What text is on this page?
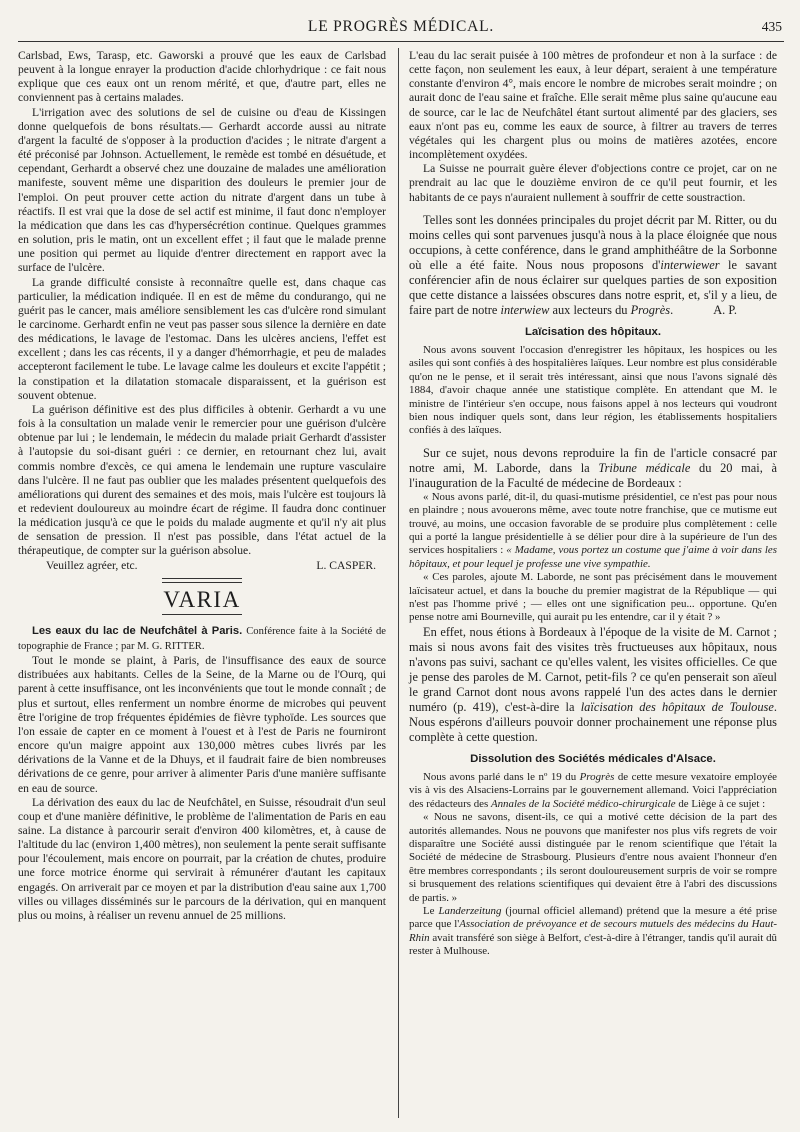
LE PROGRÈS MÉDICAL.	435

Carlsbad, Ews, Tarasp, etc. Gaworski a prouvé que les eaux de Carlsbad peuvent à la longue enrayer la production d'acide chlorhydrique : ce fait nous explique que ces eaux ont un renom mérité, et que, d'autre part, elles ne conviennent pas à certains malades.

L'irrigation avec des solutions de sel de cuisine ou d'eau de Kissingen donne quelquefois de bons résultats.— Gerhardt accorde aussi au nitrate d'argent la faculté de s'opposer à la production d'acides ; le nitrate d'argent a été préconisé par Johnson. Actuellement, le remède est tombé en désuétude, et cependant, Gerhardt a observé chez une douzaine de malades une amélioration manifeste, souvent même une disparition des douleurs le premier jour de l'emploi. On peut prouver cette action du nitrate d'argent dans un tube à réactifs. Il est vrai que la dose de sel actif est minime, il faut donc n'employer la médication que dans les cas d'hypersécrétion continue. Quelques grammes en solution, pris le matin, ont un excellent effet ; il faut que le malade prenne une position qui permet au liquide d'entrer directement en rapport avec la surface de l'ulcère.

La grande difficulté consiste à reconnaître quelle est, dans chaque cas particulier, la médication indiquée. Il en est de même du condurango, qui ne guérit pas le cancer, mais améliore sensiblement les cas d'ulcère rond simulant le carcinome. Gerhardt enfin ne veut pas passer sous silence la dernière en date des médications, le lavage de l'estomac. Dans les ulcères anciens, l'effet est excellent ; dans les cas récents, il y a danger d'hémorrhagie, et peu de malades accepteront facilement le tube. Le lavage calme les douleurs et excite l'appétit ; la constipation et la dilatation stomacale disparaissent, et la guérison est souvent obtenue.

La guérison définitive est des plus difficiles à obtenir. Gerhardt a vu une fois à la consultation un malade venir le remercier pour une guérison d'ulcère obtenue par lui ; le lendemain, le médecin du malade priait Gerhardt d'assister à l'autopsie du soi-disant guéri : ce dernier, en retournant chez lui, avait commis nombre d'excès, ce qui amena le lendemain une rupture vasculaire dans l'ulcère. Il ne faut pas oublier que les malades présentent quelquefois des améliorations qui durent des semaines et des mois, mais l'ulcère est toujours là et redevient douloureux au moindre écart de régime. Il faudra donc continuer la médication jusqu'à ce que le poids du malade augmente et qu'il n'y ait plus de sensation de pression. Il n'est pas possible, dans l'état actuel de la thérapeutique, de compter sur la guérison absolue.

Veuillez agréer, etc.	L. CASPER.

VARIA

Les eaux du lac de Neufchâtel à Paris. Conférence faite à la Société de topographie de France ; par M. G. RITTER.

Tout le monde se plaint, à Paris, de l'insuffisance des eaux de source distribuées aux habitants. Celles de la Seine, de la Marne ou de l'Ourq, qui parent à cette insuffisance, ont les inconvénients que tout le monde connaît ; de plus et surtout, elles renferment un nombre énorme de microbes qui peuvent être l'origine de trop fréquentes épidémies de fièvre typhoïde. Les sources que l'on essaie de capter en ce moment à l'ouest et à l'est de Paris ne fourniront encore qu'un maigre appoint aux 130,000 mètres cubes livrés par les dérivations de la Vanne et de la Dhuys, et il faudrait faire de bien nombreuses dérivations de ce genre, pour arriver à alimenter Paris d'une manière suffisante en eau de source.

La dérivation des eaux du lac de Neufchâtel, en Suisse, résoudrait d'un seul coup et d'une manière définitive, le problème de l'alimentation de Paris en eau saine. La distance à parcourir serait d'environ 400 kilomètres, et, à cause de l'altitude du lac (environ 1,400 mètres), non seulement la pente serait suffisante pour l'écoulement, mais encore on pourrait, par la création de chutes, produire une force motrice énorme qui servirait à rémunérer d'autant les capitaux engagés. On arriverait par ce moyen et par la distribution d'eau saine aux 1,700 villes ou villages disséminés sur le parcours de la dérivation, qui en manquent plus ou moins, à réaliser un revenu annuel de 25 millions.

L'eau du lac serait puisée à 100 mètres de profondeur et non à la surface : de cette façon, non seulement les eaux, à leur départ, seraient à une température constante d'environ 4°, mais encore le nombre de microbes serait moindre ; on aurait donc de l'eau saine et fraîche. Elle serait même plus saine qu'aucune eau de source, car le lac de Neufchâtel étant surtout alimenté par des glaciers, ses eaux n'ont pas eu, comme les eaux de source, à filtrer au travers de terres végétales qui les chargent plus ou moins de matières azotées, encore incomplètement oxydées.

La Suisse ne pourrait guère élever d'objections contre ce projet, car on ne prendrait au lac que le douzième environ de ce qu'il peut fournir, et les habitants de ce pays n'auraient nullement à souffrir de cette soustraction.

Telles sont les données principales du projet décrit par M. Ritter, ou du moins celles qui sont parvenues jusqu'à nous à la place éloignée que nous occupions, à cette conférence, dans le grand amphithéâtre de la Sorbonne où elle a été faite. Nous nous proposons d'interwiewer le savant conférencier afin de nous éclairer sur quelques parties de son exposition que cette distance a laissées obscures dans notre esprit, et, s'il y a lieu, de faire part de notre interwiew aux lecteurs du Progrès.	A. P.

Laïcisation des hôpitaux.

Nous avons souvent l'occasion d'enregistrer les hôpitaux, les hospices ou les asiles qui sont confiés à des hospitalières laïques. Leur nombre est plus considérable qu'on ne le pense, et il serait très intéressant, ainsi que nous l'avons signalé dès 1884, d'avoir chaque année une statistique complète. En attendant que M. le ministre de l'intérieur s'en occupe, nous faisons appel à nos lecteurs qui voudront bien nous indiquer quels sont, dans leur région, les établissements hospitaliers confiés à des laïques.

Sur ce sujet, nous devons reproduire la fin de l'article consacré par notre ami, M. Laborde, dans la Tribune médicale du 20 mai, à l'inauguration de la Faculté de médecine de Bordeaux :

« Nous avons parlé, dit-il, du quasi-mutisme présidentiel, ce n'est pas pour nous en plaindre ; nous avouerons même, avec toute notre franchise, que ce mutisme eut trouvé, au moins, une occasion favorable de se produire plus complètement : celle qui a porté la langue présidentielle à se délier pour dire à la supérieure de l'un des services hospitaliers : « Madame, vous portez un costume que j'aime à voir dans les hôpitaux, et pour lequel je professe une vive sympathie.

« Ces paroles, ajoute M. Laborde, ne sont pas précisément dans le mouvement laïcisateur actuel, et dans la bouche du premier magistrat de la République — qui n'est pas l'homme privé ; — elles ont une signification peu... opportune. Qu'en pense notre ami Bourneville, qui aurait pu les entendre, car il y était ? »

En effet, nous étions à Bordeaux à l'époque de la visite de M. Carnot ; mais si nous avons fait des visites très fructueuses aux hôpitaux, nous n'avons pas suivi, sachant ce qu'elles valent, les visites officielles. Ce que je pense des paroles de M. Carnot, petit-fils ? ce qu'en penserait son aïeul le grand Carnot dont nous avons rappelé l'un des actes dans le dernier numéro (p. 419), c'est-à-dire la laïcisation des hôpitaux de Toulouse. Nous espérons d'ailleurs pouvoir donner prochainement une réponse plus complète à cette question.

Dissolution des Sociétés médicales d'Alsace.

Nous avons parlé dans le nº 19 du Progrès de cette mesure vexatoire employée vis à vis des Alsaciens-Lorrains par le gouvernement allemand. Voici l'appréciation des rédacteurs des Annales de la Société médico-chirurgicale de Liège à ce sujet :

« Nous ne savons, disent-ils, ce qui a motivé cette décision de la part des autorités allemandes. Nous ne pouvons que manifester nos plus vifs regrets de voir disparaître une Société aussi distinguée par le renom scientifique que l'était la Société de médecine de Strasbourg. Plusieurs d'entre nous avaient l'honneur d'en être membres correspondants ; ils seront douloureusement surpris de voir se rompre si brusquement des relations scientifiques qui devaient être à l'abri des discussions de partis. »

Le Landerzeitung (journal officiel allemand) prétend que la mesure a été prise parce que l'Association de prévoyance et de secours mutuels des médecins du Haut-Rhin avait transféré son siège à Belfort, c'est-à-dire à l'étranger, tandis qu'il aurait dû rester à Mulhouse.
